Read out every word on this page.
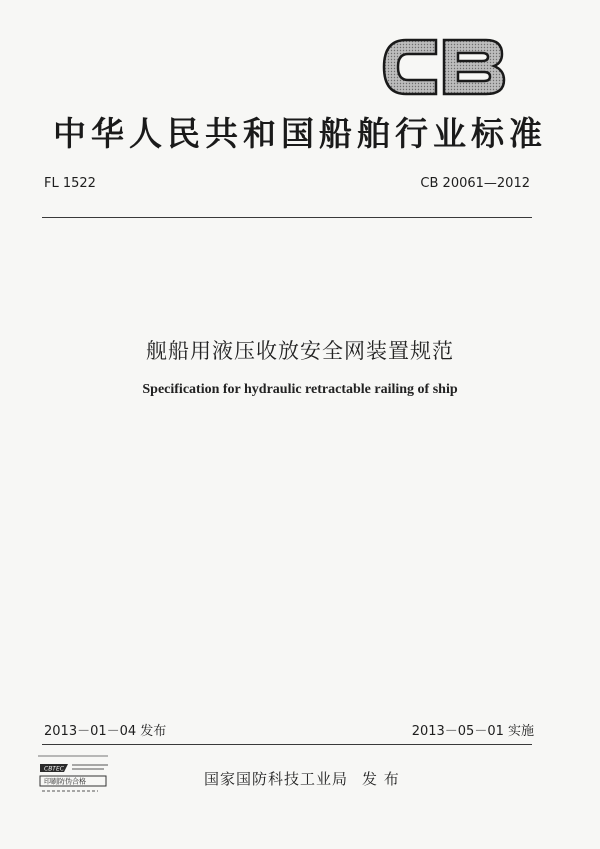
中华人民共和国船舶行业标准
FL 1522	CB 20061—2012
舰船用液压收放安全网装置规范
Specification for hydraulic retractable railing of ship
2013－01－04 发布	2013－05－01 实施
CBTEC
印刷防伪合格	国家国防科技工业局 发 布
